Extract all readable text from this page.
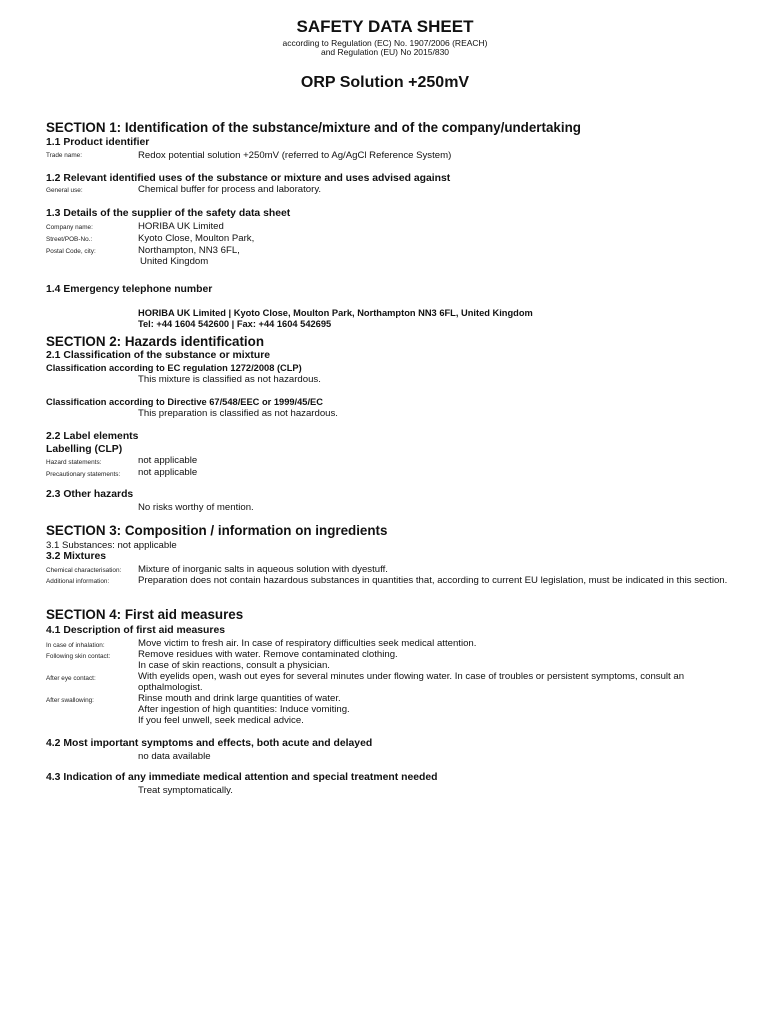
SAFETY DATA SHEET
according to Regulation (EC) No. 1907/2006 (REACH)
and Regulation (EU) No 2015/830
ORP Solution +250mV
SECTION 1: Identification of the substance/mixture and of the company/undertaking
1.1 Product identifier
Trade name:	Redox potential solution +250mV (referred to Ag/AgCl Reference System)
1.2 Relevant identified uses of the substance or mixture and uses advised against
General use:	Chemical buffer for process and laboratory.
1.3 Details of the supplier of the safety data sheet
Company name:	HORIBA UK Limited
Street/POB-No.:	Kyoto Close, Moulton Park,
Postal Code, city:	Northampton, NN3 6FL,
United Kingdom
1.4 Emergency telephone number
HORIBA UK Limited | Kyoto Close, Moulton Park, Northampton NN3 6FL, United Kingdom
Tel: +44 1604 542600 | Fax: +44 1604 542695
SECTION 2: Hazards identification
2.1 Classification of the substance or mixture
Classification according to EC regulation 1272/2008 (CLP)
This mixture is classified as not hazardous.
Classification according to Directive 67/548/EEC or 1999/45/EC
This preparation is classified as not hazardous.
2.2 Label elements
Labelling (CLP)
Hazard statements:	not applicable
Precautionary statements: not applicable
2.3 Other hazards
No risks worthy of mention.
SECTION 3: Composition / information on ingredients
3.1 Substances: not applicable
3.2 Mixtures
Chemical characterisation: Mixture of inorganic salts in aqueous solution with dyestuff.
Additional information:	Preparation does not contain hazardous substances in quantities that, according to current EU legislation, must be indicated in this section.
SECTION 4: First aid measures
4.1 Description of first aid measures
In case of inhalation:	Move victim to fresh air. In case of respiratory difficulties seek medical attention.
Following skin contact:	Remove residues with water. Remove contaminated clothing.
In case of skin reactions, consult a physician.
After eye contact:	With eyelids open, wash out eyes for several minutes under flowing water. In case of troubles or persistent symptoms, consult an opthalmologist.
After swallowing:	Rinse mouth and drink large quantities of water.
After ingestion of high quantities: Induce vomiting.
If you feel unwell, seek medical advice.
4.2 Most important symptoms and effects, both acute and delayed
no data available
4.3 Indication of any immediate medical attention and special treatment needed
Treat symptomatically.
